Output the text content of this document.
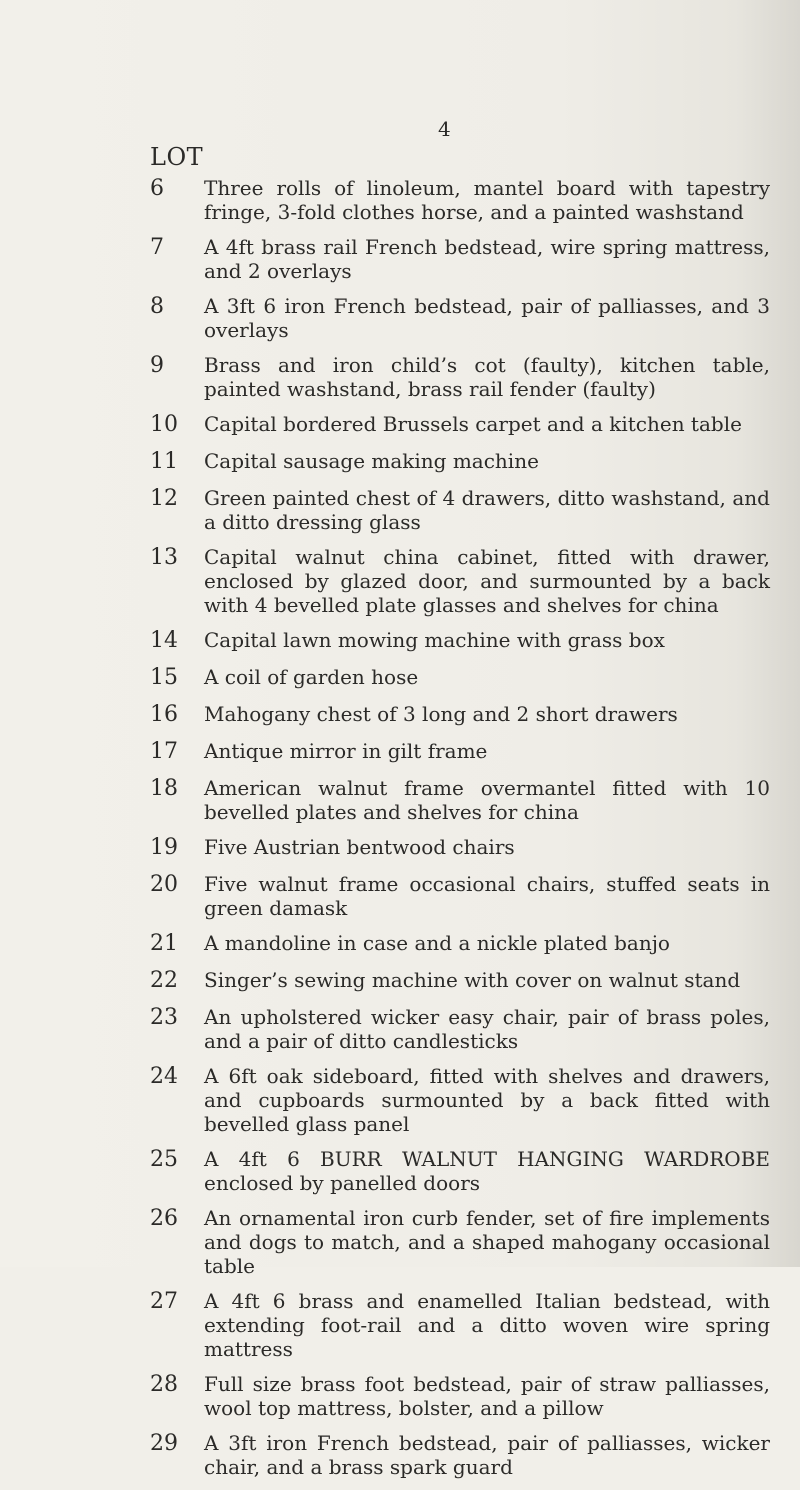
4
LOT
6	Three rolls of linoleum, mantel board with tapestry fringe, 3-fold clothes horse, and a painted washstand
7	A 4ft brass rail French bedstead, wire spring mattress, and 2 overlays
8	A 3ft 6 iron French bedstead, pair of palliasses, and 3 overlays
9	Brass and iron child’s cot (faulty), kitchen table, painted washstand, brass rail fender (faulty)
10	Capital bordered Brussels carpet and a kitchen table
11	Capital sausage making machine
12	Green painted chest of 4 drawers, ditto washstand, and a ditto dressing glass
13	Capital walnut china cabinet, fitted with drawer, enclosed by glazed door, and surmounted by a back with 4 bevelled plate glasses and shelves for china
14	Capital lawn mowing machine with grass box
15	A coil of garden hose
16	Mahogany chest of 3 long and 2 short drawers
17	Antique mirror in gilt frame
18	American walnut frame overmantel fitted with 10 bevelled plates and shelves for china
19	Five Austrian bentwood chairs
20	Five walnut frame occasional chairs, stuffed seats in green damask
21	A mandoline in case and a nickle plated banjo
22	Singer’s sewing machine with cover on walnut stand
23	An upholstered wicker easy chair, pair of brass poles, and a pair of ditto candlesticks
24	A 6ft oak sideboard, fitted with shelves and drawers, and cupboards surmounted by a back fitted with bevelled glass panel
25	A 4ft 6 BURR WALNUT HANGING WARDROBE enclosed by panelled doors
26	An ornamental iron curb fender, set of fire implements and dogs to match, and a shaped mahogany occasional table
27	A 4ft 6 brass and enamelled Italian bedstead, with extending foot-rail and a ditto woven wire spring mattress
28	Full size brass foot bedstead, pair of straw palliasses, wool top mattress, bolster, and a pillow
29	A 3ft iron French bedstead, pair of palliasses, wicker chair, and a brass spark guard
